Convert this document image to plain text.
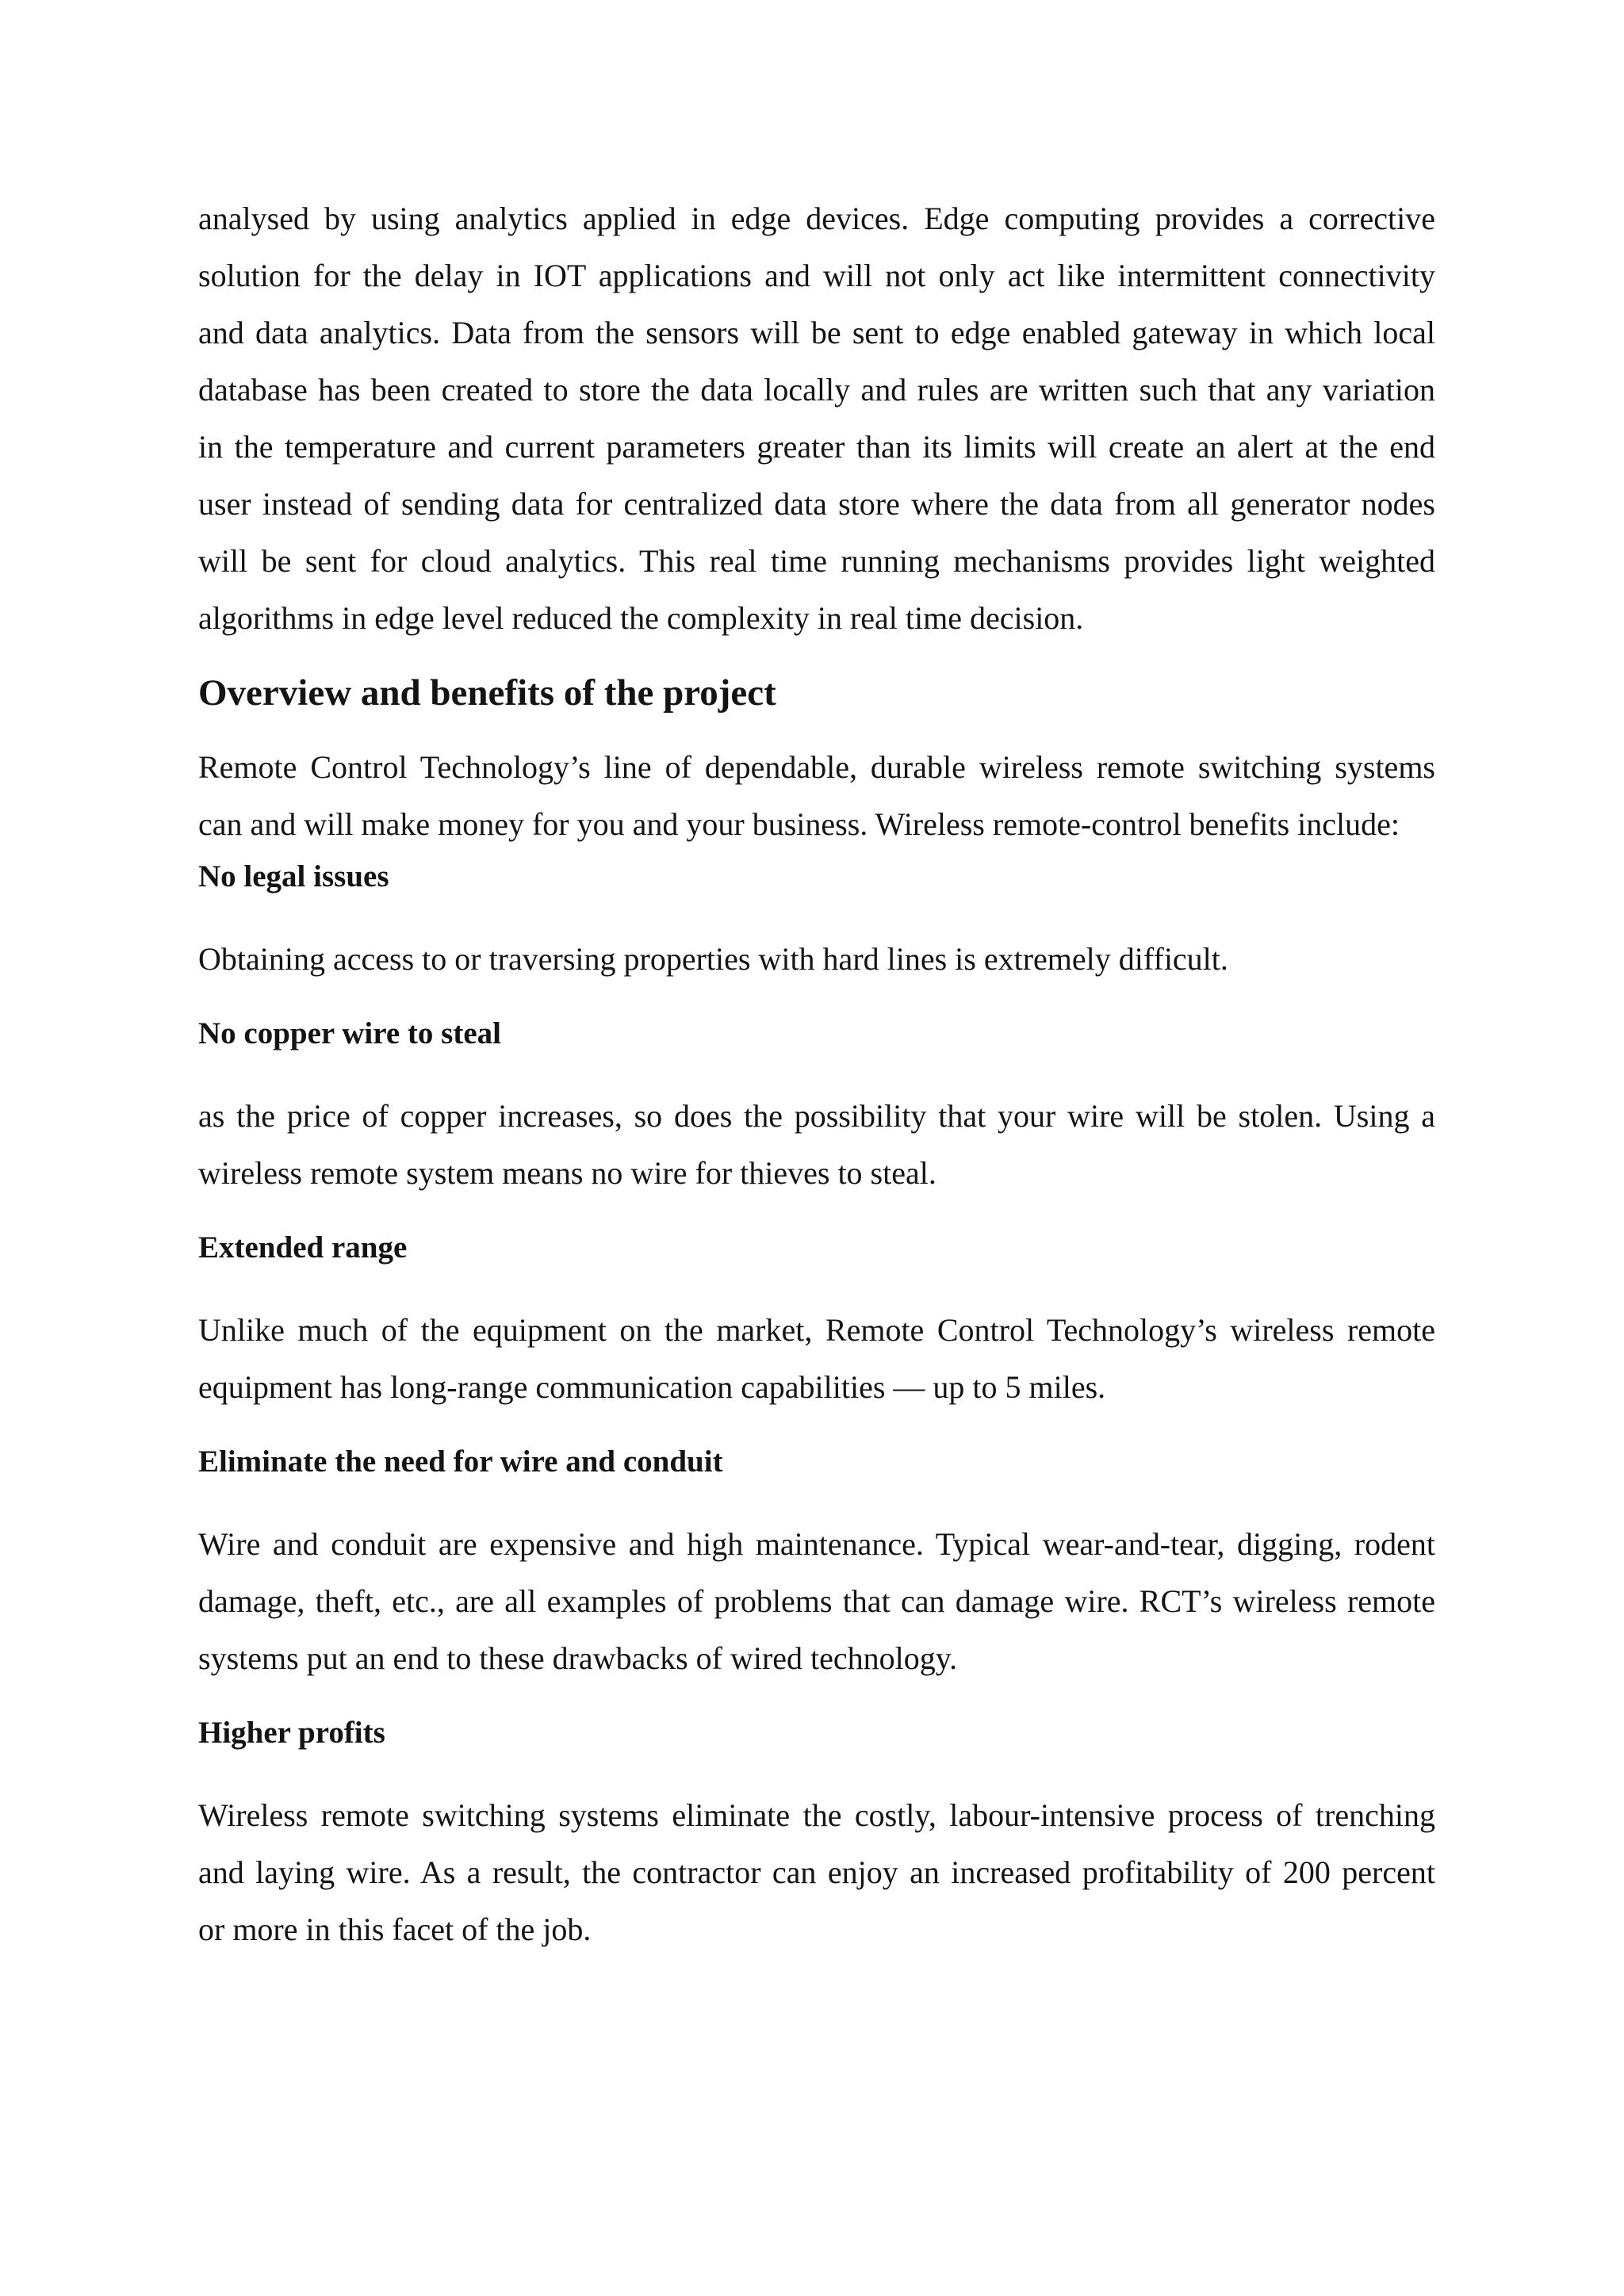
analysed by using analytics applied in edge devices. Edge computing provides a corrective
solution for the delay in IOT applications and will not only act like intermittent connectivity
and data analytics. Data from the sensors will be sent to edge enabled gateway in which local
database has been created to store the data locally and rules are written such that any variation
in the temperature and current parameters greater than its limits will create an alert at the end
user instead of sending data for centralized data store where the data from all generator nodes
will be sent for cloud analytics. This real time running mechanisms provides light weighted
algorithms in edge level reduced the complexity in real time decision.

Overview and benefits of the project

Remote Control Technology’s line of dependable, durable wireless remote switching systems
can and will make money for you and your business. Wireless remote-control benefits include:

No legal issues

Obtaining access to or traversing properties with hard lines is extremely difficult.

No copper wire to steal

as the price of copper increases, so does the possibility that your wire will be stolen. Using a
wireless remote system means no wire for thieves to steal.

Extended range

Unlike much of the equipment on the market, Remote Control Technology’s wireless remote
equipment has long-range communication capabilities — up to 5 miles.

Eliminate the need for wire and conduit

Wire and conduit are expensive and high maintenance. Typical wear-and-tear, digging, rodent
damage, theft, etc., are all examples of problems that can damage wire. RCT’s wireless remote
systems put an end to these drawbacks of wired technology.

Higher profits

Wireless remote switching systems eliminate the costly, labour-intensive process of trenching
and laying wire. As a result, the contractor can enjoy an increased profitability of 200 percent
or more in this facet of the job.
